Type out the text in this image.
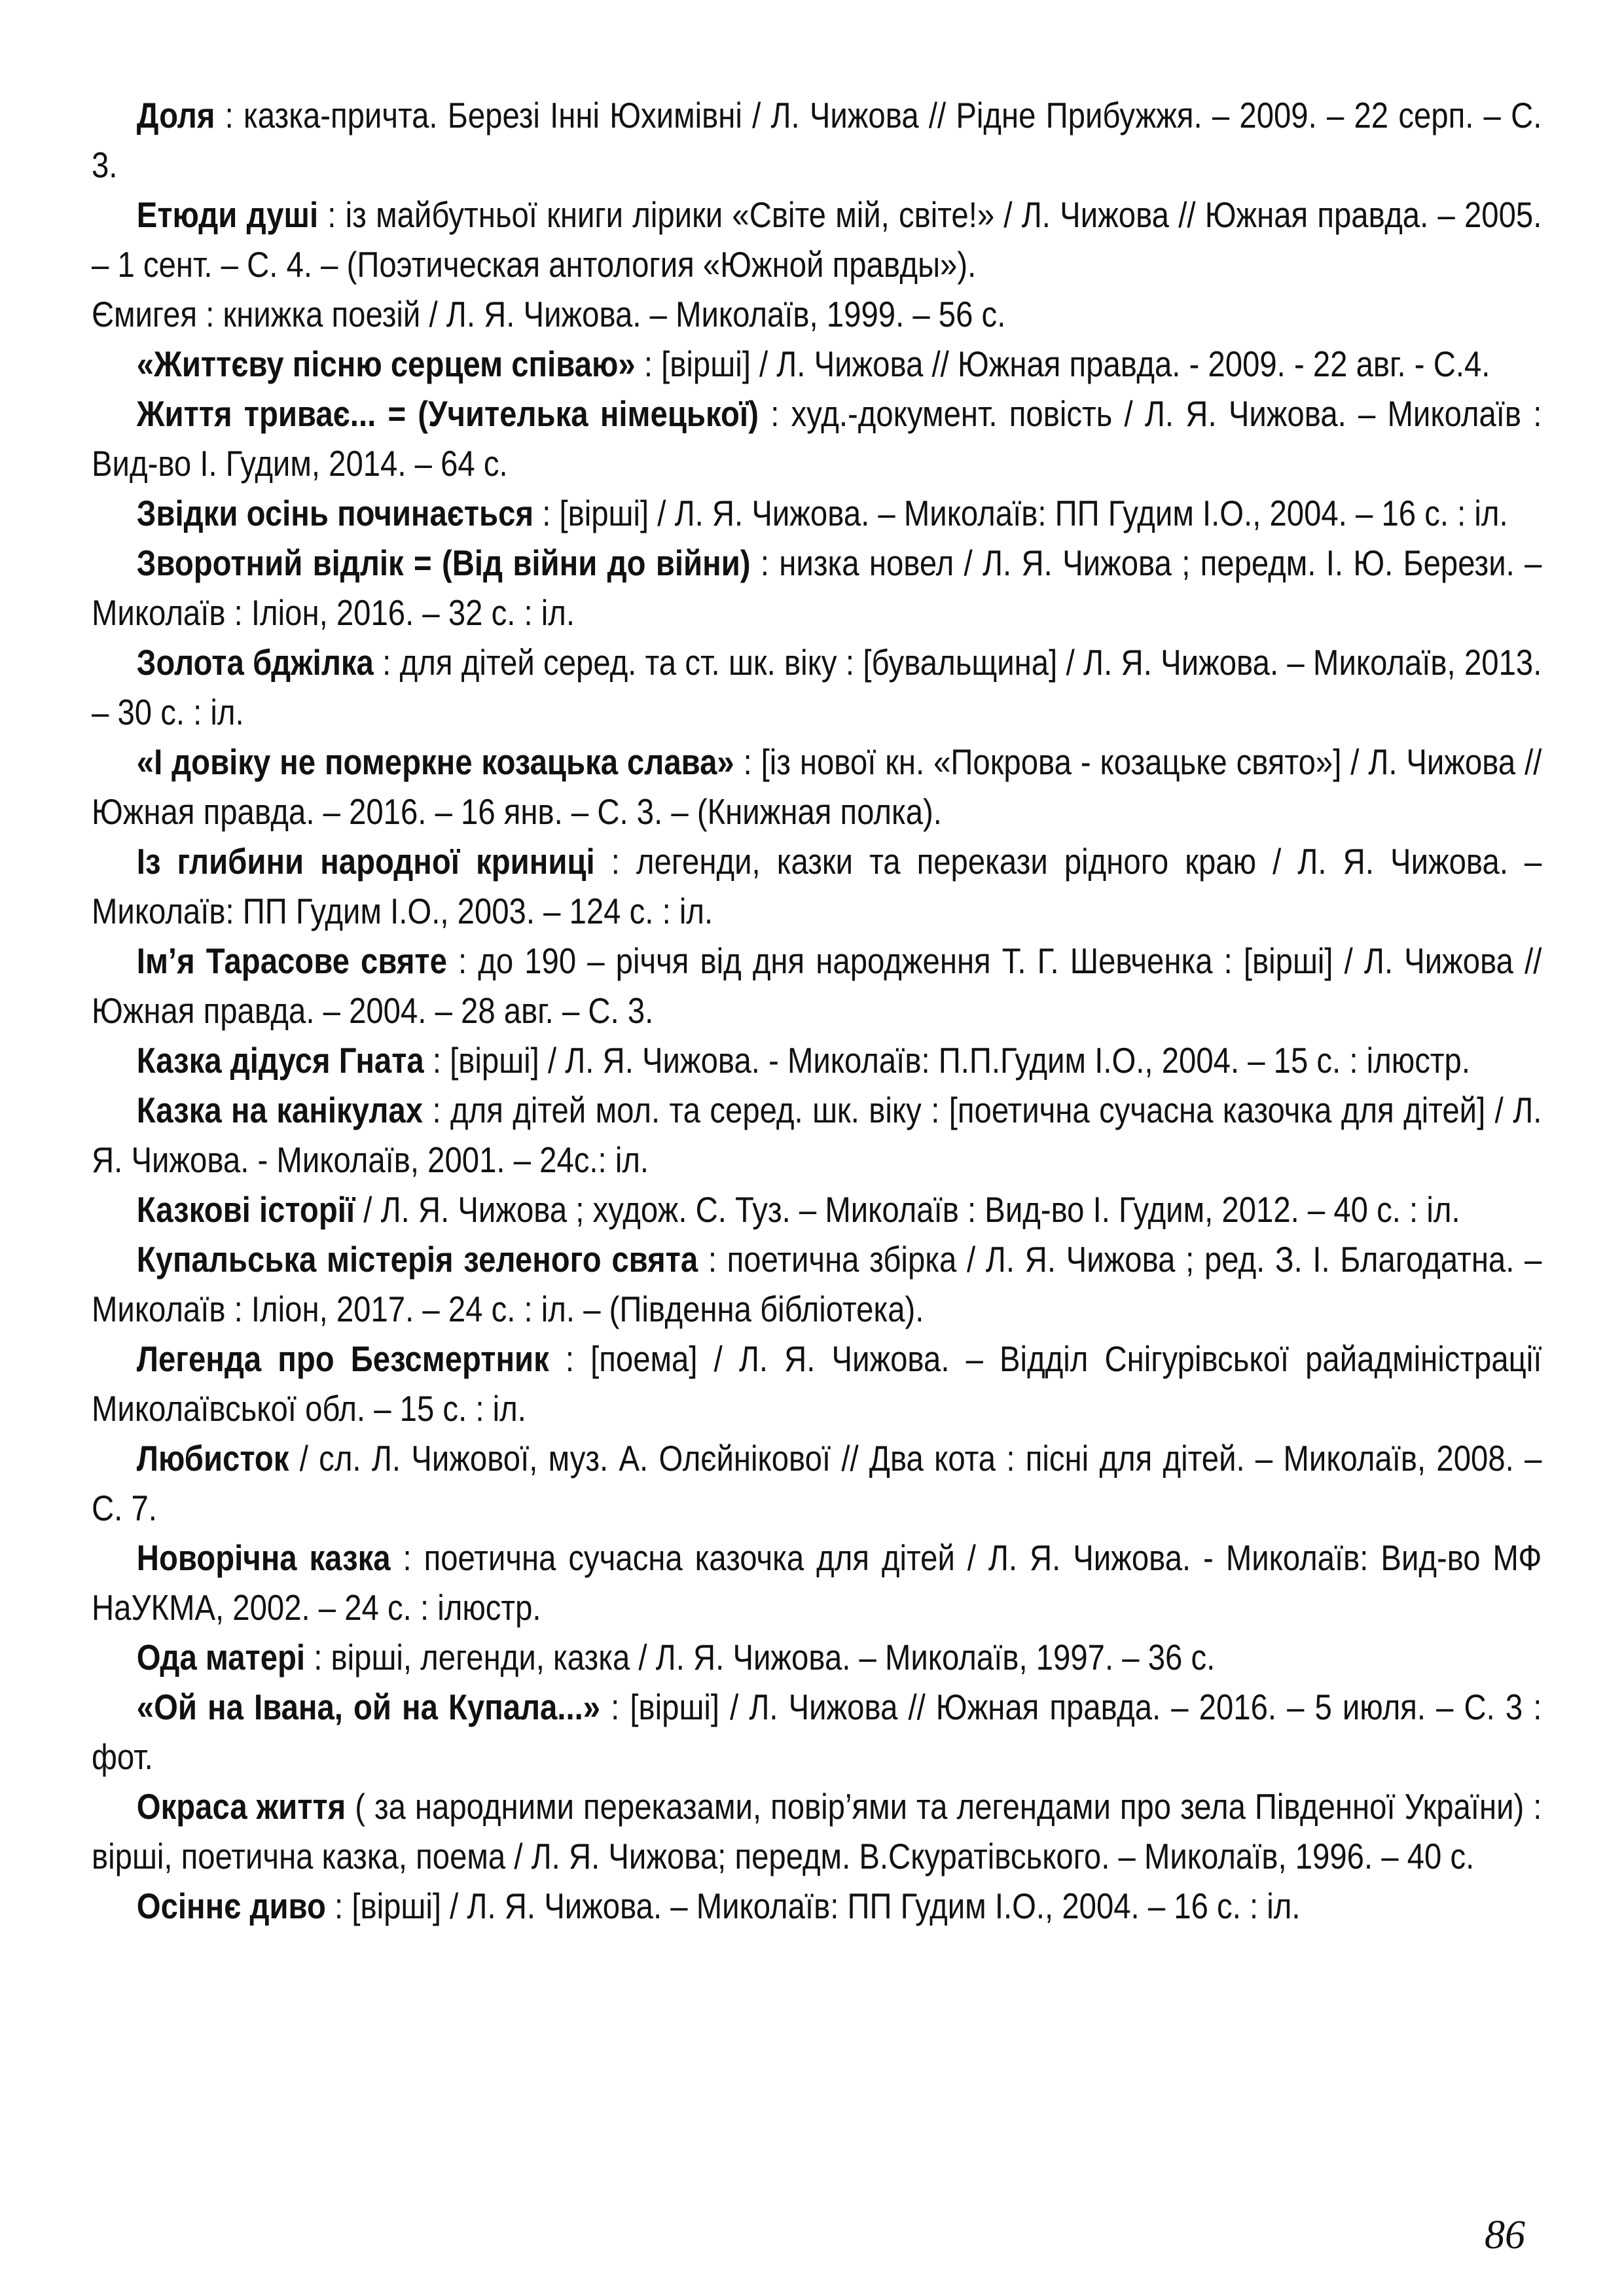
Доля : казка-причта. Березі Інні Юхимівні / Л. Чижова // Рідне Прибужжя. – 2009. – 22 серп. – С. 3.

Етюди душі : із майбутньої книги лірики «Світе мій, світе!» / Л. Чижова // Южная правда. – 2005. – 1 сент. – С. 4. – (Поэтическая антология «Южной правды»).

Ємигея : книжка поезій / Л. Я. Чижова. – Миколаїв, 1999. – 56 с.

«Життєву пісню серцем співаю» : [вірші] / Л. Чижова // Южная правда. - 2009. - 22 авг. - С.4.

Життя триває... = (Учителька німецької) : худ.-документ. повість / Л. Я. Чижова. – Миколаїв : Вид-во І. Гудим, 2014. – 64 с.

Звідки осінь починається : [вірші] / Л. Я. Чижова. – Миколаїв: ПП Гудим І.О., 2004. – 16 с. : іл.

Зворотний відлік = (Від війни до війни) : низка новел / Л. Я. Чижова ; передм. І. Ю. Берези. – Миколаїв : Іліон, 2016. – 32 с. : іл.

Золота бджілка : для дітей серед. та ст. шк. віку : [бувальщина] / Л. Я. Чижова. – Миколаїв, 2013. – 30 с. : іл.

«І довіку не померкне козацька слава» : [із нової кн. «Покрова - козацьке свято»] / Л. Чижова // Южная правда. – 2016. – 16 янв. – С. 3. – (Книжная полка).

Із глибини народної криниці : легенди, казки та перекази рідного краю / Л. Я. Чижова. – Миколаїв: ПП Гудим І.О., 2003. – 124 с. : іл.

Ім’я Тарасове святе : до 190 – річчя від дня народження Т. Г. Шевченка : [вірші] / Л. Чижова // Южная правда. – 2004. – 28 авг. – С. 3.

Казка дідуся Гната : [вірші] / Л. Я. Чижова. - Миколаїв: П.П.Гудим І.О., 2004. – 15 с. : ілюстр.

Казка на канікулах : для дітей мол. та серед. шк. віку : [поетична сучасна казочка для дітей] / Л. Я. Чижова. - Миколаїв, 2001. – 24с.: іл.

Казкові історії / Л. Я. Чижова ; худож. С. Туз. – Миколаїв : Вид-во І. Гудим, 2012. – 40 с. : іл.

Купальська містерія зеленого свята : поетична збірка / Л. Я. Чижова ; ред. З. І. Благодатна. – Миколаїв : Іліон, 2017. – 24 с. : іл. – (Південна бібліотека).

Легенда про Безсмертник : [поема] / Л. Я. Чижова. – Відділ Снігурівської райадміністрації Миколаївської обл. – 15 с. : іл.

Любисток / сл. Л. Чижової, муз. А. Олєйнікової // Два кота : пісні для дітей. – Миколаїв, 2008. – С. 7.

Новорічна казка : поетична сучасна казочка для дітей / Л. Я. Чижова. - Миколаїв: Вид-во МФ НаУКМА, 2002. – 24 с. : ілюстр.

Ода матері : вірші, легенди, казка / Л. Я. Чижова. – Миколаїв, 1997. – 36 с.

«Ой на Івана, ой на Купала...» : [вірші] / Л. Чижова // Южная правда. – 2016. – 5 июля. – С. 3 : фот.

Окраса життя ( за народними переказами, повір’ями та легендами про зела Південної України) : вірші, поетична казка, поема / Л. Я. Чижова; передм. В.Скуратівського. – Миколаїв, 1996. – 40 с.

Осіннє диво : [вірші] / Л. Я. Чижова. – Миколаїв: ПП Гудим І.О., 2004. – 16 с. : іл.

86
